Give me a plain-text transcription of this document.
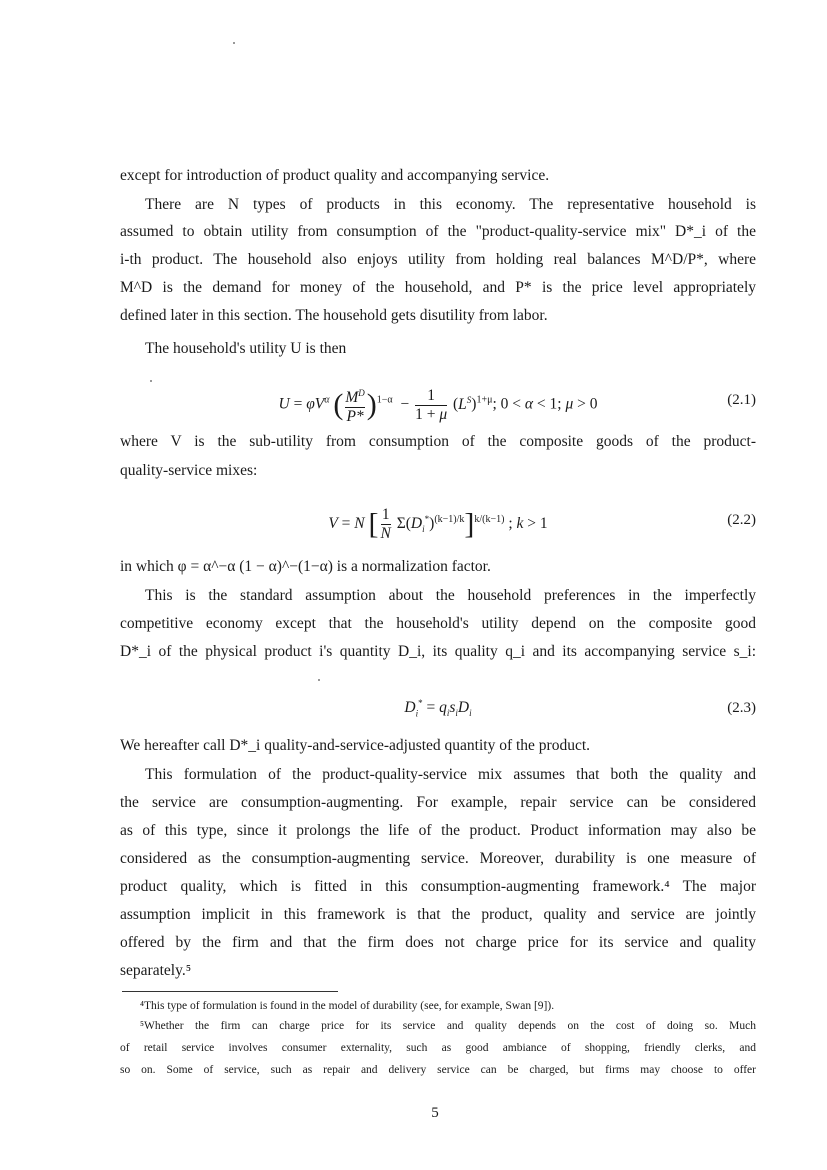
except for introduction of product quality and accompanying service.
There are N types of products in this economy. The representative household is
assumed to obtain utility from consumption of the "product-quality-service mix" D*_i of the
i-th product. The household also enjoys utility from holding real balances M^D/P*, where
M^D is the demand for money of the household, and P* is the price level appropriately
defined later in this section. The household gets disutility from labor.
The household's utility U is then
$U = \varphi V^\alpha$ ( $\frac{M^D}{P*} )^{1-\alpha} - \frac{1}{1 + \mu} (L^S)^{1+\mu}$; 0 < α < 1; μ > 0	(2.1)
where V is the sub-utility from consumption of the composite goods of the product-
quality-service mixes:
V = N [ $\frac{1}{N} \Sigma(D_i^*)^{(k-1)/k}]^{k/(k-1)}$ ; k > 1	(2.2)
in which φ = α^−α (1 − α)^−(1−α) is a normalization factor.
This is the standard assumption about the household preferences in the imperfectly
competitive economy except that the household's utility depend on the composite good
D*_i of the physical product i's quantity D_i, its quality q_i and its accompanying service s_i:
$D_i^* = q_is_iD_i$	(2.3)
We hereafter call D*_i quality-and-service-adjusted quantity of the product.
This formulation of the product-quality-service mix assumes that both the quality and
the service are consumption-augmenting. For example, repair service can be considered
as of this type, since it prolongs the life of the product. Product information may also be
considered as the consumption-augmenting service. Moreover, durability is one measure of
product quality, which is fitted in this consumption-augmenting framework.⁴ The major
assumption implicit in this framework is that the product, quality and service are jointly
offered by the firm and that the firm does not charge price for its service and quality
separately.⁵
⁴This type of formulation is found in the model of durability (see, for example, Swan [9]).
⁵Whether the firm can charge price for its service and quality depends on the cost of doing so. Much
of retail service involves consumer externality, such as good ambiance of shopping, friendly clerks, and
so on. Some of service, such as repair and delivery service can be charged, but firms may choose to offer
5
